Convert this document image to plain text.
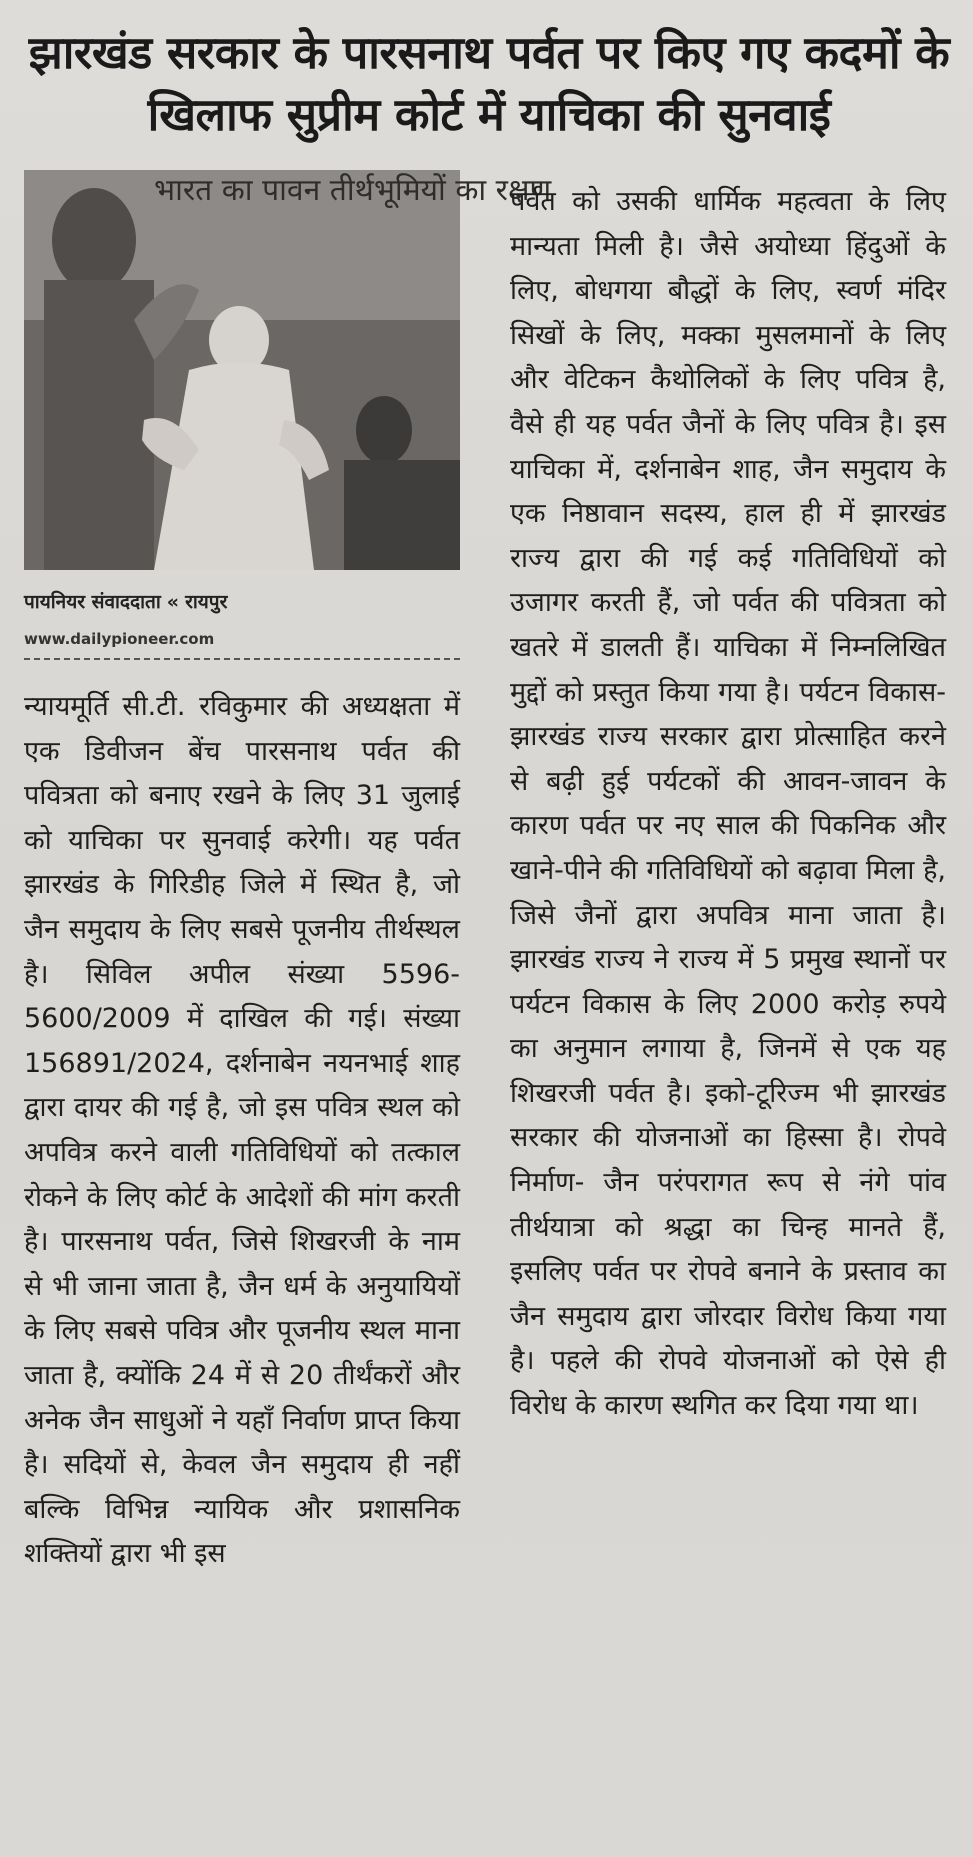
झारखंड सरकार के पारसनाथ पर्वत पर किए गए कदमों के खिलाफ सुप्रीम कोर्ट में याचिका की सुनवाई
भारत का पावन तीर्थभूमियों का रक्षण
पायनियर संवाददाता « रायपुर
www.dailypioneer.com
न्यायमूर्ति सी.टी. रविकुमार की अध्यक्षता में एक डिवीजन बेंच पारसनाथ पर्वत की पवित्रता को बनाए रखने के लिए 31 जुलाई को याचिका पर सुनवाई करेगी। यह पर्वत झारखंड के गिरिडीह जिले में स्थित है, जो जैन समुदाय के लिए सबसे पूजनीय तीर्थस्थल है। सिविल अपील संख्या 5596-5600/2009 में दाखिल की गई। संख्या 156891/2024, दर्शनाबेन नयनभाई शाह द्वारा दायर की गई है, जो इस पवित्र स्थल को अपवित्र करने वाली गतिविधियों को तत्काल रोकने के लिए कोर्ट के आदेशों की मांग करती है। पारसनाथ पर्वत, जिसे शिखरजी के नाम से भी जाना जाता है, जैन धर्म के अनुयायियों के लिए सबसे पवित्र और पूजनीय स्थल माना जाता है, क्योंकि 24 में से 20 तीर्थंकरों और अनेक जैन साधुओं ने यहाँ निर्वाण प्राप्त किया है। सदियों से, केवल जैन समुदाय ही नहीं बल्कि विभिन्न न्यायिक और प्रशासनिक शक्तियों द्वारा भी इस
पर्वत को उसकी धार्मिक महत्वता के लिए मान्यता मिली है। जैसे अयोध्या हिंदुओं के लिए, बोधगया बौद्धों के लिए, स्वर्ण मंदिर सिखों के लिए, मक्का मुसलमानों के लिए और वेटिकन कैथोलिकों के लिए पवित्र है, वैसे ही यह पर्वत जैनों के लिए पवित्र है। इस याचिका में, दर्शनाबेन शाह, जैन समुदाय के एक निष्ठावान सदस्य, हाल ही में झारखंड राज्य द्वारा की गई कई गतिविधियों को उजागर करती हैं, जो पर्वत की पवित्रता को खतरे में डालती हैं। याचिका में निम्नलिखित मुद्दों को प्रस्तुत किया गया है। पर्यटन विकास- झारखंड राज्य सरकार द्वारा प्रोत्साहित करने से बढ़ी हुई पर्यटकों की आवन-जावन के कारण पर्वत पर नए साल की पिकनिक और खाने-पीने की गतिविधियों को बढ़ावा मिला है, जिसे जैनों द्वारा अपवित्र माना जाता है। झारखंड राज्य ने राज्य में 5 प्रमुख स्थानों पर पर्यटन विकास के लिए 2000 करोड़ रुपये का अनुमान लगाया है, जिनमें से एक यह शिखरजी पर्वत है। इको-टूरिज्म भी झारखंड सरकार की योजनाओं का हिस्सा है। रोपवे निर्माण- जैन परंपरागत रूप से नंगे पांव तीर्थयात्रा को श्रद्धा का चिन्ह मानते हैं, इसलिए पर्वत पर रोपवे बनाने के प्रस्ताव का जैन समुदाय द्वारा जोरदार विरोध किया गया है। पहले की रोपवे योजनाओं को ऐसे ही विरोध के कारण स्थगित कर दिया गया था।
